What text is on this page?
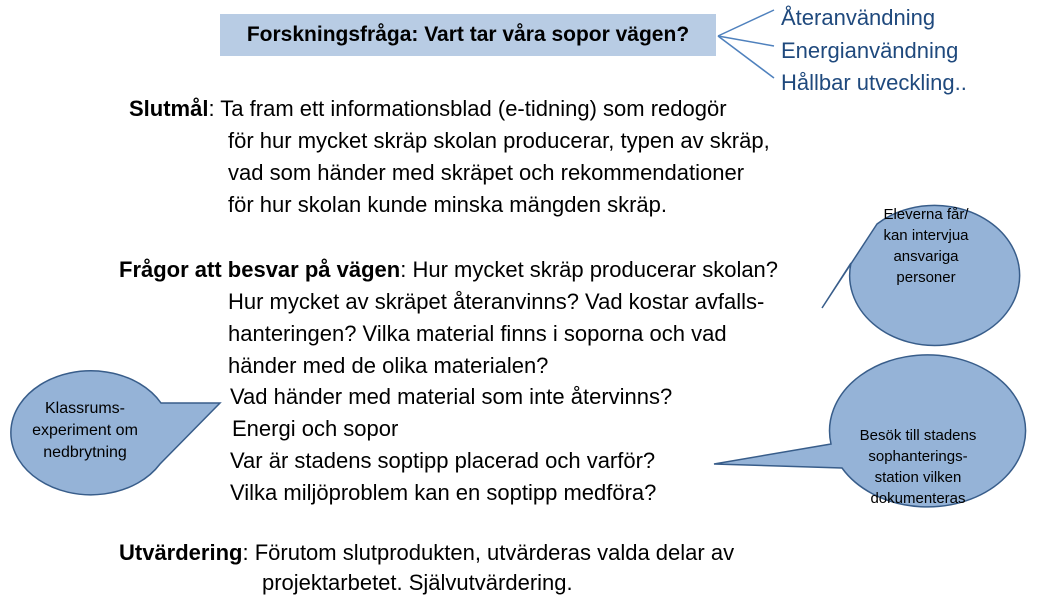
Forskningsfråga: Vart tar våra sopor vägen?
Återanvändning
Energianvändning
Hållbar utveckling..
Slutmål: Ta fram ett informationsblad (e-tidning) som redogör
för hur mycket skräp skolan producerar, typen av skräp,
vad som händer med skräpet och rekommendationer
för hur skolan kunde minska mängden skräp.
Frågor att besvar på vägen: Hur mycket skräp producerar skolan?
Hur mycket av skräpet återanvinns? Vad kostar avfalls-
hanteringen? Vilka material finns i soporna och vad
händer med de olika materialen?
Vad händer med material som inte återvinns?
Energi och sopor
Var är stadens soptipp placerad och varför?
Vilka miljöproblem kan en soptipp medföra?
Utvärdering: Förutom slutprodukten, utvärderas valda delar av
projektarbetet. Självutvärdering.
Eleverna får/
kan intervjua
ansvariga
personer
Klassrums-
experiment om
nedbrytning
Besök till stadens
sophanterings-
station vilken
dokumenteras
